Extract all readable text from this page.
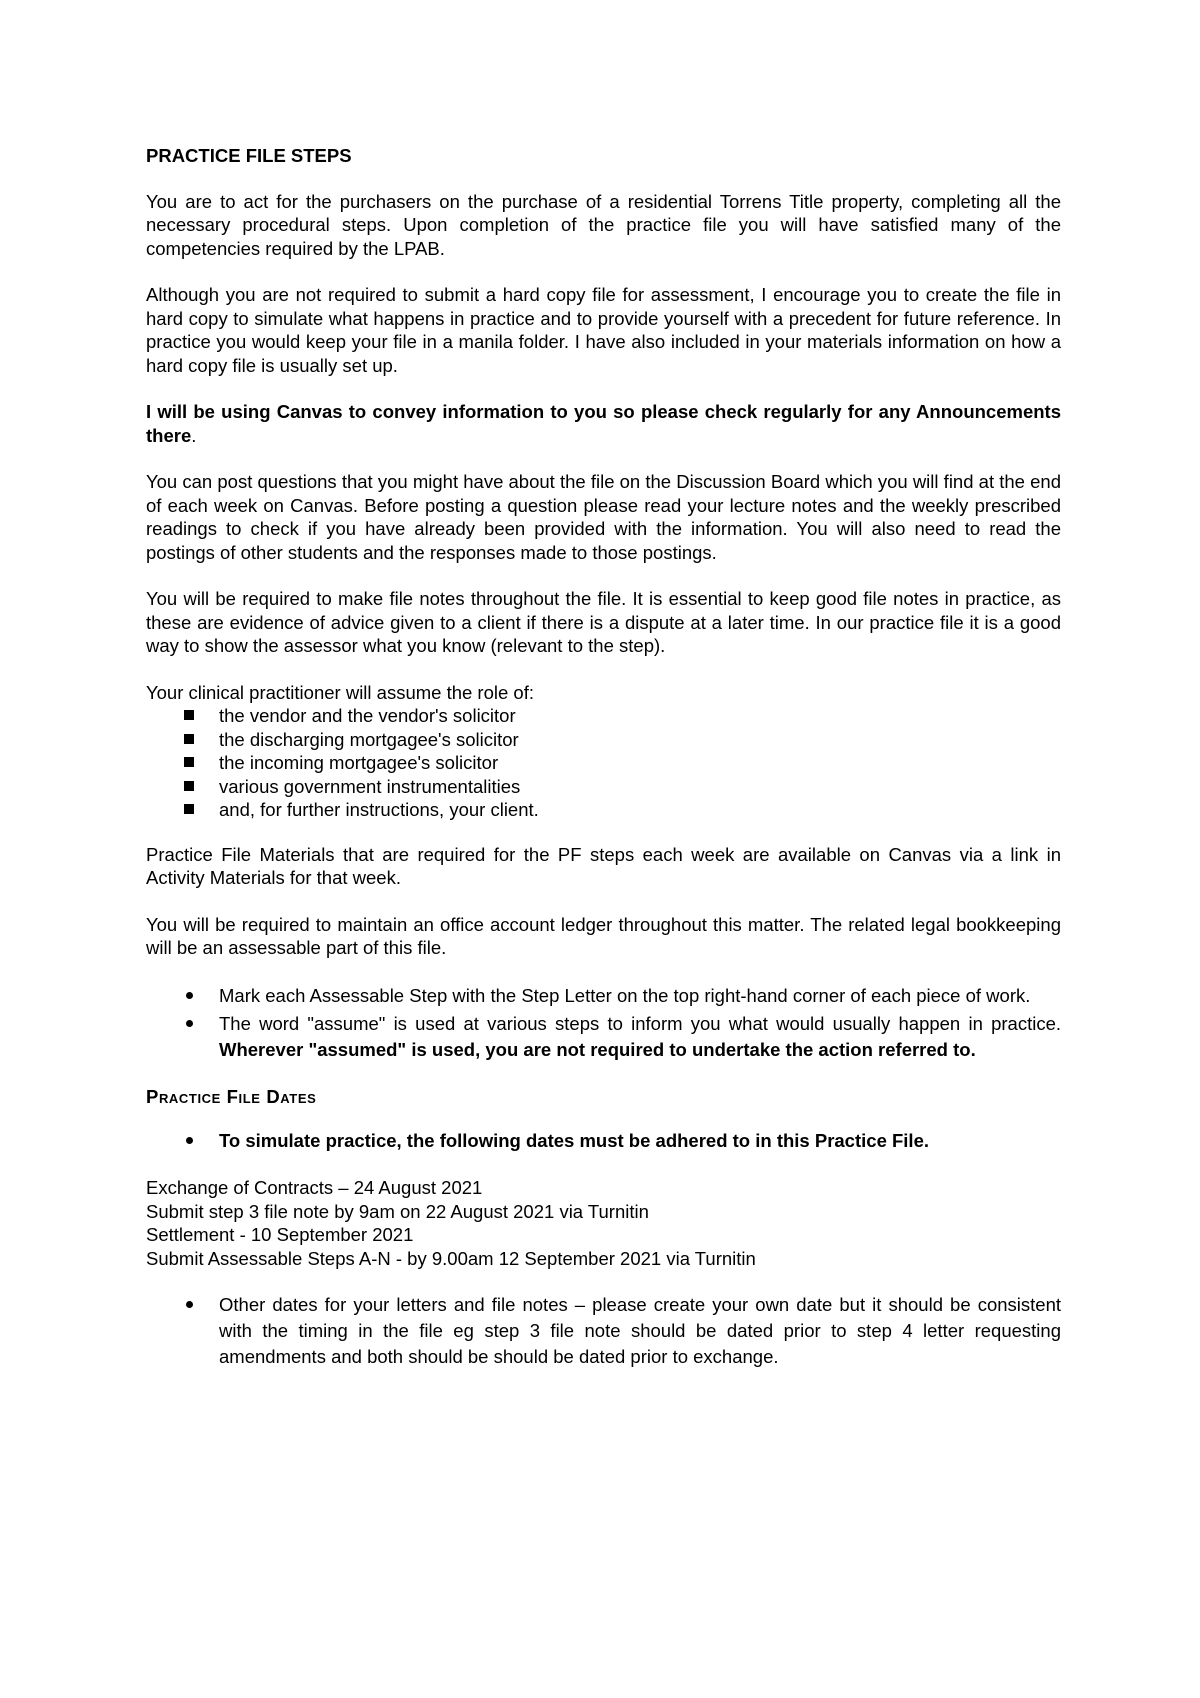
PRACTICE FILE STEPS

You are to act for the purchasers on the purchase of a residential Torrens Title property, completing all the necessary procedural steps. Upon completion of the practice file you will have satisfied many of the competencies required by the LPAB.

Although you are not required to submit a hard copy file for assessment, I encourage you to create the file in hard copy to simulate what happens in practice and to provide yourself with a precedent for future reference. In practice you would keep your file in a manila folder. I have also included in your materials information on how a hard copy file is usually set up.

I will be using Canvas to convey information to you so please check regularly for any Announcements there.

You can post questions that you might have about the file on the Discussion Board which you will find at the end of each week on Canvas. Before posting a question please read your lecture notes and the weekly prescribed readings to check if you have already been provided with the information. You will also need to read the postings of other students and the responses made to those postings.

You will be required to make file notes throughout the file. It is essential to keep good file notes in practice, as these are evidence of advice given to a client if there is a dispute at a later time. In our practice file it is a good way to show the assessor what you know (relevant to the step).

Your clinical practitioner will assume the role of:

the vendor and the vendor's solicitor
the discharging mortgagee's solicitor
the incoming mortgagee's solicitor
various government instrumentalities
and, for further instructions, your client.

Practice File Materials that are required for the PF steps each week are available on Canvas via a link in Activity Materials for that week.

You will be required to maintain an office account ledger throughout this matter. The related legal bookkeeping will be an assessable part of this file.

Mark each Assessable Step with the Step Letter on the top right-hand corner of each piece of work.
The word "assume" is used at various steps to inform you what would usually happen in practice. Wherever "assumed" is used, you are not required to undertake the action referred to.
Practice File Dates
To simulate practice, the following dates must be adhered to in this Practice File.
Exchange of Contracts – 24 August 2021
Submit step 3 file note by 9am on 22 August 2021 via Turnitin
Settlement - 10 September 2021
Submit Assessable Steps A-N - by 9.00am 12 September 2021 via Turnitin
Other dates for your letters and file notes – please create your own date but it should be consistent with the timing in the file eg step 3 file note should be dated prior to step 4 letter requesting amendments and both should be should be dated prior to exchange.
